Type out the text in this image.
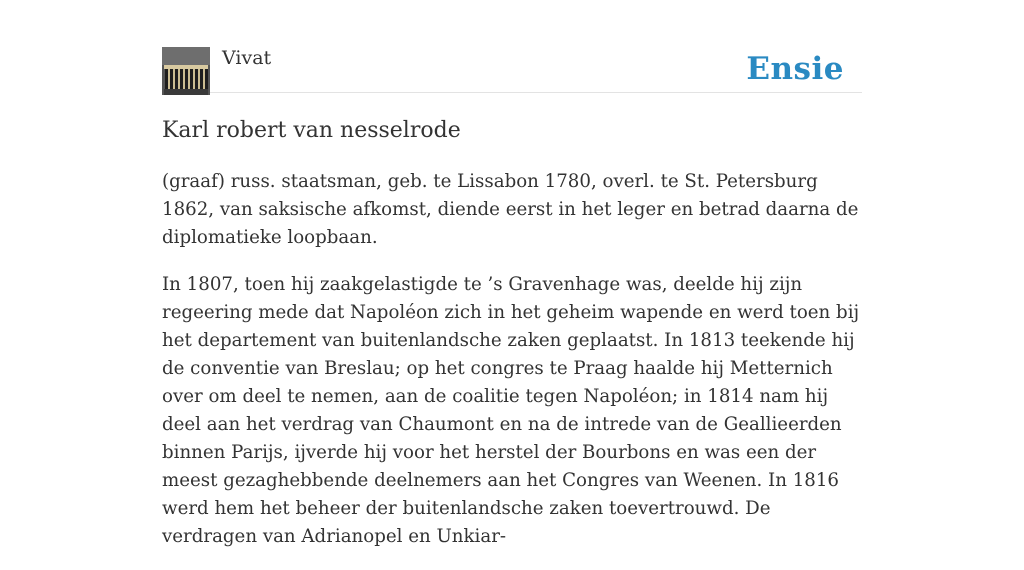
Vivat	Ensie
Karl robert van nesselrode

(graaf) russ. staatsman, geb. te Lissabon 1780, overl. te St. Petersburg 1862, van saksische afkomst, diende eerst in het leger en betrad daarna de diplomatieke loopbaan.

In 1807, toen hij zaakgelastigde te ’s Gravenhage was, deelde hij zijn regeering mede dat Napoléon zich in het geheim wapende en werd toen bij het departement van buitenlandsche zaken geplaatst. In 1813 teekende hij de conventie van Breslau; op het congres te Praag haalde hij Metternich over om deel te nemen, aan de coalitie tegen Napoléon; in 1814 nam hij deel aan het verdrag van Chaumont en na de intrede van de Geallieerden binnen Parijs, ijverde hij voor het herstel der Bourbons en was een der meest gezaghebbende deelnemers aan het Congres van Weenen. In 1816 werd hem het beheer der buitenlandsche zaken toevertrouwd. De verdragen van Adrianopel en Unkiar-
